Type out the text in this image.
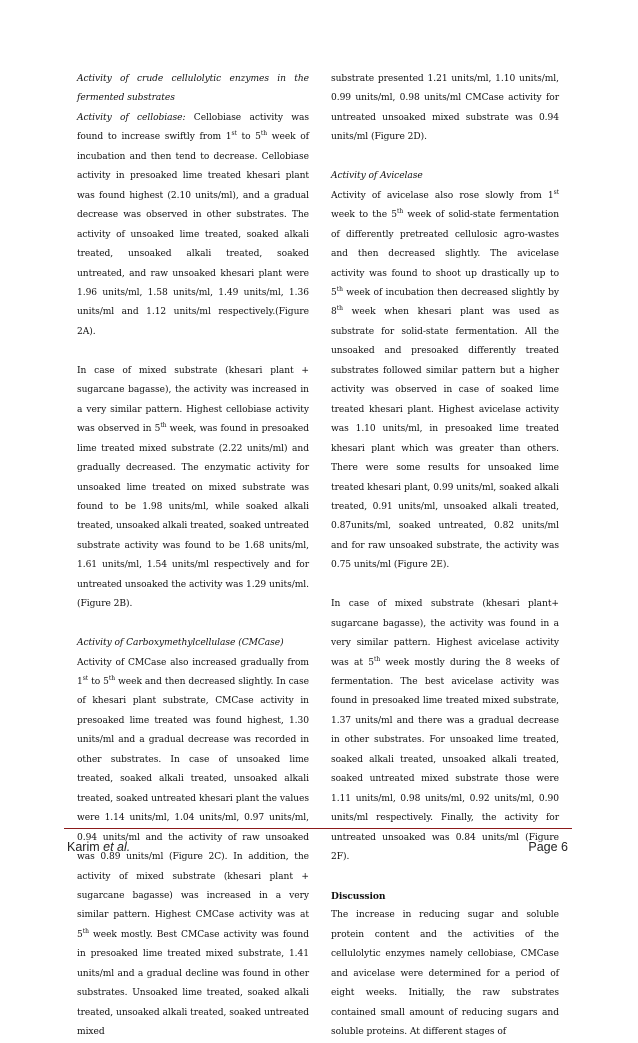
Activity of crude cellulolytic enzymes in the fermented substrates

Activity of cellobiase: Cellobiase activity was found to increase swiftly from 1st to 5th week of incubation and then tend to decrease. Cellobiase activity in presoaked lime treated khesari plant was found highest (2.10 units/ml), and a gradual decrease was observed in other substrates. The activity of unsoaked lime treated, soaked alkali treated, unsoaked alkali treated, soaked untreated, and raw unsoaked khesari plant were 1.96 units/ml, 1.58 units/ml, 1.49 units/ml, 1.36 units/ml and 1.12 units/ml respectively.(Figure 2A).

In case of mixed substrate (khesari plant + sugarcane bagasse), the activity was increased in a very similar pattern. Highest cellobiase activity was observed in 5th week, was found in presoaked lime treated mixed substrate (2.22 units/ml) and gradually decreased. The enzymatic activity for unsoaked lime treated on mixed substrate was found to be 1.98 units/ml, while soaked alkali treated, unsoaked alkali treated, soaked untreated substrate activity was found to be 1.68 units/ml, 1.61 units/ml, 1.54 units/ml respectively and for untreated unsoaked the activity was 1.29 units/ml.(Figure 2B).

Activity of Carboxymethylcellulase (CMCase)

Activity of CMCase also increased gradually from 1st to 5th week and then decreased slightly. In case of khesari plant substrate, CMCase activity in presoaked lime treated was found highest, 1.30 units/ml and a gradual decrease was recorded in other substrates. In case of unsoaked lime treated, soaked alkali treated, unsoaked alkali treated, soaked untreated khesari plant the values were 1.14 units/ml, 1.04 units/ml, 0.97 units/ml, 0.94 units/ml and the activity of raw unsoaked was 0.89 units/ml (Figure 2C). In addition, the activity of mixed substrate (khesari plant + sugarcane bagasse) was increased in a very similar pattern. Highest CMCase activity was at 5th week mostly. Best CMCase activity was found in presoaked lime treated mixed substrate, 1.41 units/ml and a gradual decline was found in other substrates. Unsoaked lime treated, soaked alkali treated, unsoaked alkali treated, soaked untreated mixed

substrate presented 1.21 units/ml, 1.10 units/ml, 0.99 units/ml, 0.98 units/ml CMCase activity for untreated unsoaked mixed substrate was 0.94 units/ml (Figure 2D).

Activity of Avicelase

Activity of avicelase also rose slowly from 1st week to the 5th week of solid-state fermentation of differently pretreated cellulosic agro-wastes and then decreased slightly. The avicelase activity was found to shoot up drastically up to 5th week of incubation then decreased slightly by 8th week when khesari plant was used as substrate for solid-state fermentation. All the unsoaked and presoaked differently treated substrates followed similar pattern but a higher activity was observed in case of soaked lime treated khesari plant. Highest avicelase activity was 1.10 units/ml, in presoaked lime treated khesari plant which was greater than others. There were some results for unsoaked lime treated khesari plant, 0.99 units/ml, soaked alkali treated, 0.91 units/ml, unsoaked alkali treated, 0.87units/ml, soaked untreated, 0.82 units/ml and for raw unsoaked substrate, the activity was 0.75 units/ml (Figure 2E).

In case of mixed substrate (khesari plant+ sugarcane bagasse), the activity was found in a very similar pattern. Highest avicelase activity was at 5th week mostly during the 8 weeks of fermentation. The best avicelase activity was found in presoaked lime treated mixed substrate, 1.37 units/ml and there was a gradual decrease in other substrates. For unsoaked lime treated, soaked alkali treated, unsoaked alkali treated, soaked untreated mixed substrate those were 1.11 units/ml, 0.98 units/ml, 0.92 units/ml, 0.90 units/ml respectively. Finally, the activity for untreated unsoaked was 0.84 units/ml (Figure 2F).

Discussion

The increase in reducing sugar and soluble protein content and the activities of the cellulolytic enzymes namely cellobiase, CMCase and avicelase were determined for a period of eight weeks. Initially, the raw substrates contained small amount of reducing sugars and soluble proteins. At different stages of

Karim et al.	Page 6
